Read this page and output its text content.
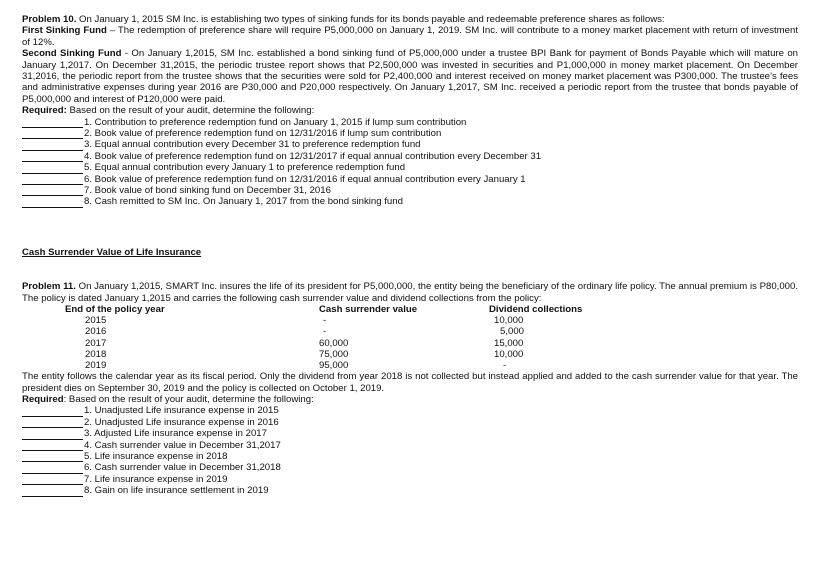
Problem 10. On January 1, 2015 SM Inc. is establishing two types of sinking funds for its bonds payable and redeemable preference shares as follows:

First Sinking Fund – The redemption of preference share will require P5,000,000 on January 1, 2019. SM Inc. will contribute to a money market placement with return of investment of 12%.

Second Sinking Fund - On January 1,2015, SM Inc. established a bond sinking fund of P5,000,000 under a trustee BPI Bank for payment of Bonds Payable which will mature on January 1,2017. On December 31,2015, the periodic trustee report shows that P2,500,000 was invested in securities and P1,000,000 in money market placement. On December 31,2016, the periodic report from the trustee shows that the securities were sold for P2,400,000 and interest received on money market placement was P300,000. The trustee’s fees and administrative expenses during year 2016 are P30,000 and P20,000 respectively. On January 1,2017, SM Inc. received a periodic report from the trustee that bonds payable of P5,000,000 and interest of P120,000 were paid.

Required: Based on the result of your audit, determine the following:

1. Contribution to preference redemption fund on January 1, 2015 if lump sum contribution
2. Book value of preference redemption fund on 12/31/2016 if lump sum contribution
3. Equal annual contribution every December 31 to preference redemption fund
4. Book value of preference redemption fund on 12/31/2017 if equal annual contribution every December 31
5. Equal annual contribution every January 1 to preference redemption fund
6. Book value of preference redemption fund on 12/31/2016 if equal annual contribution every January 1
7. Book value of bond sinking fund on December 31, 2016
8. Cash remitted to SM Inc. On January 1, 2017 from the bond sinking fund
Cash Surrender Value of Life Insurance

Problem 11. On January 1,2015, SMART Inc. insures the life of its president for P5,000,000, the entity being the beneficiary of the ordinary life policy. The annual premium is P80,000. The policy is dated January 1,2015 and carries the following cash surrender value and dividend collections from the policy:

End of the policy year	Cash surrender value	Dividend collections
2015	-	10,000
2016	-	5,000
2017	60,000	15,000
2018	75,000	10,000
2019	95,000	-

The entity follows the calendar year as its fiscal period. Only the dividend from year 2018 is not collected but instead applied and added to the cash surrender value for that year. The president dies on September 30, 2019 and the policy is collected on October 1, 2019.

Required: Based on the result of your audit, determine the following:

1. Unadjusted Life insurance expense in 2015
2. Unadjusted Life insurance expense in 2016
3. Adjusted Life insurance expense in 2017
4. Cash surrender value in December 31,2017
5. Life insurance expense in 2018
6. Cash surrender value in December 31,2018
7. Life insurance expense in 2019
8. Gain on life insurance settlement in 2019
